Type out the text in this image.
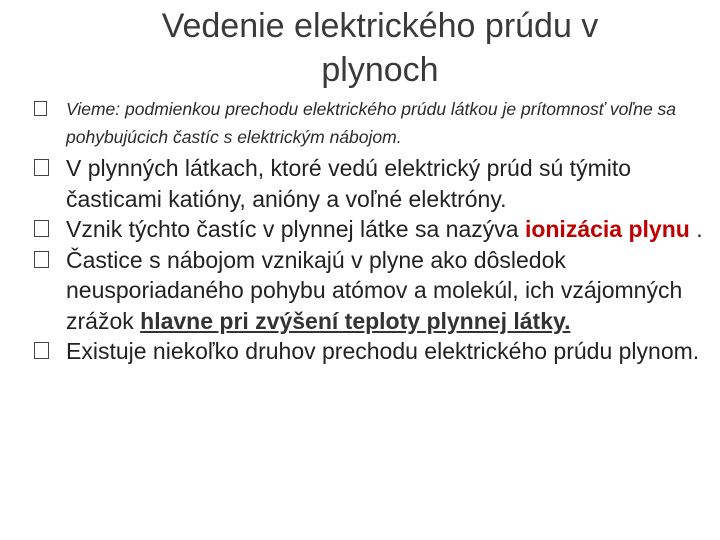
Vedenie elektrického prúdu v plynoch

Vieme: podmienkou prechodu elektrického prúdu látkou je prítomnosť voľne sa pohybujúcich častíc s elektrickým nábojom.

V plynných látkach, ktoré vedú elektrický prúd sú týmito časticami katióny, anióny a voľné elektróny.

Vznik týchto častíc v plynnej látke sa nazýva ionizácia plynu .

Častice s nábojom vznikajú v plyne ako dôsledok neusporiadaného pohybu atómov a molekúl, ich vzájomných zrážok hlavne pri zvýšení teploty plynnej látky.

Existuje niekoľko druhov prechodu elektrického prúdu plynom.
